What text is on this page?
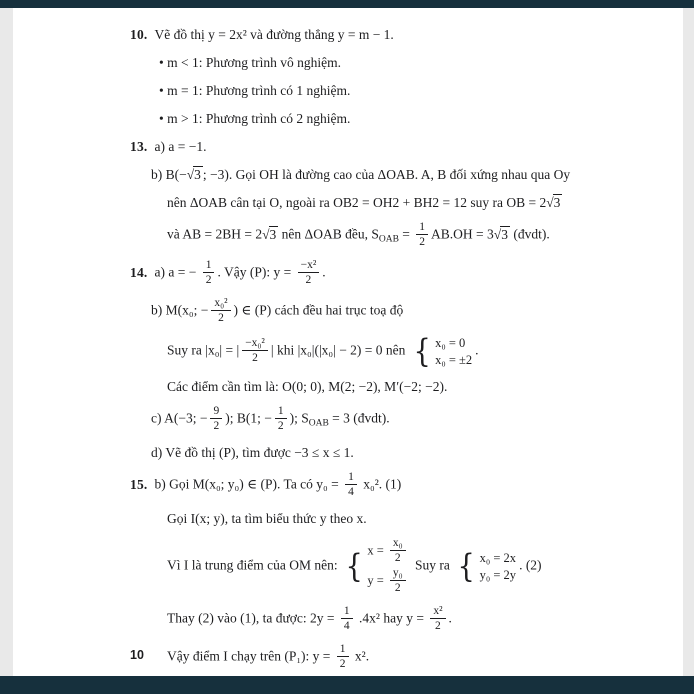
10. Vẽ đồ thị y = 2x² và đường thẳng y = m − 1.
• m < 1: Phương trình vô nghiệm.
• m = 1: Phương trình có 1 nghiệm.
• m > 1: Phương trình có 2 nghiệm.
13. a) a = −1.
b) B(−√3 ; −3). Gọi OH là đường cao của ΔOAB. A, B đối xứng nhau qua Oy
nên ΔOAB cân tại O, ngoài ra OB2 = OH2 + BH2 = 12 suy ra OB = 2√3
và AB = 2BH = 2√3 nên ΔOAB đều, $S_{OAB} = \frac{1}{2} AB.OH = 3√3$ (đvdt).
14. a) a = − $\frac{1}{2}$ . Vậy (P): $y = \frac{\text{−x²}}{2}$ .
b) M(x₀; − $\frac{\text{x₀²}}{2}$ ) ∈ (P) cách đều hai trục toạ độ
Suy ra |x₀| = | $\frac{\text{−x₀²}}{2}$ | khi |x₀|(|x₀| − 2) = 0 nên { x₀ = 0
x₀ = ±2
.
Các điểm cần tìm là: O(0; 0), M(2; −2), M′(−2; −2).
c) A(−3; − $\frac{9}{2}$ ); B(1; − $\frac{1}{2}$ ); $S_{OAB} = 3$ (đvdt).
d) Vẽ đồ thị (P), tìm được −3 ≤ x ≤ 1.
15. b) Gọi M(x₀; y₀) ∈ (P). Ta có $y_0 = \frac{1}{4} x_0^2$. (1)
Gọi I(x; y), ta tìm biểu thức y theo x.
Vì I là trung điểm của OM nên: { $x = \frac{\text{x₀}}{2}$
$y = \frac{\text{y₀}}{2}$
Suy ra { x₀ = 2x
y₀ = 2y
. (2)
Thay (2) vào (1), ta được: $2y = \frac{1}{4} .4x^2$ hay $y = \frac{\text{x²}}{2}$ .
Vậy điểm I chạy trên (P₁): $y = \frac{1}{2} x^2$.
10
